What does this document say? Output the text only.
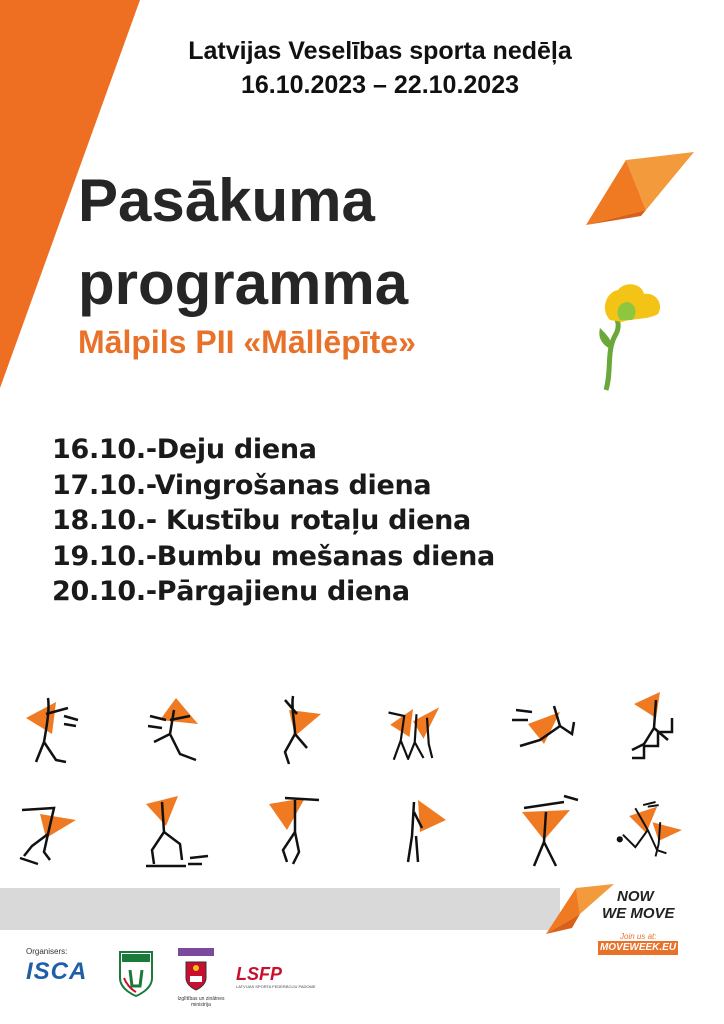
Latvijas Veselības sporta nedēļa
16.10.2023 – 22.10.2023
Pasākuma
programma
Mālpils PII «Māllēpīte»
16.10.-Deju diena
17.10.-Vingrošanas diena
18.10.- Kustību rotaļu diena
19.10.-Bumbu mešanas diena
20.10.-Pārgajienu diena
Organisers:
ISCA
Izglītības un zinātnes ministrija
LSFP
LATVIJAS SPORTA FEDERĀCIJU PADOME
NOW
WE MOVE
Join us at:
MOVEWEEK.EU
